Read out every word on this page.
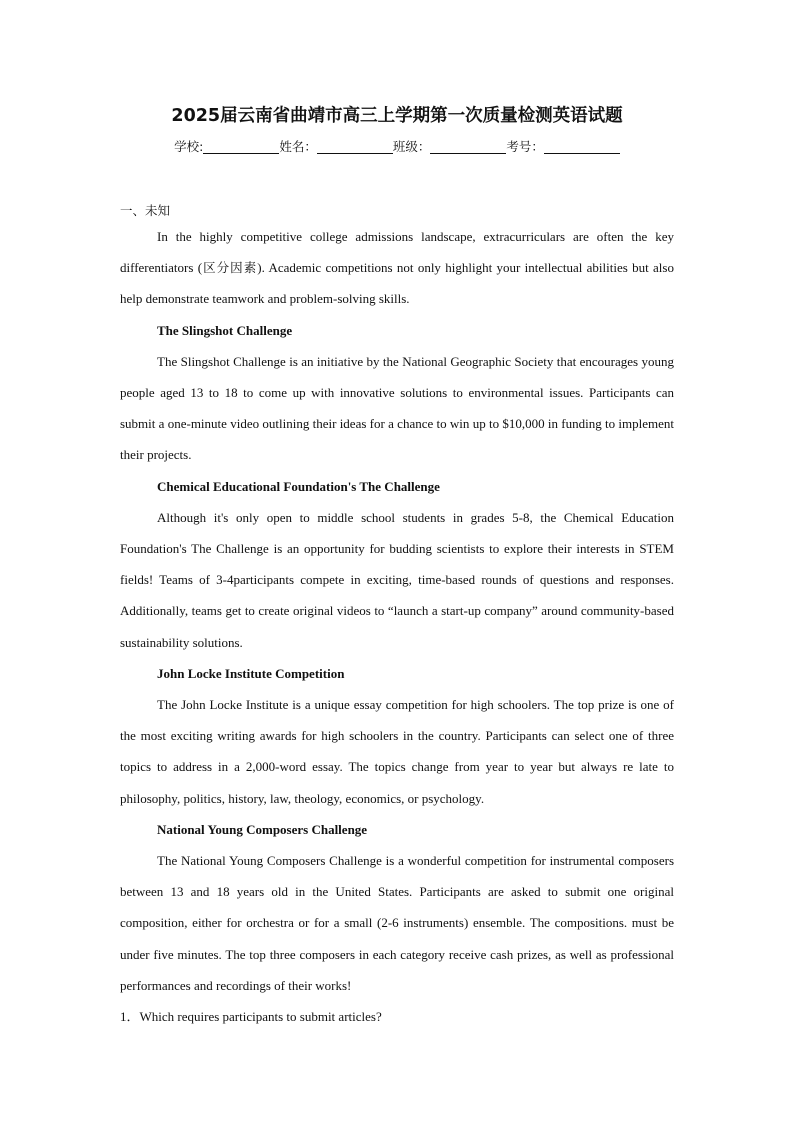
2025届云南省曲靖市高三上学期第一次质量检测英语试题
学校:	姓名：	班级：	考号：
一、未知

In the highly competitive college admissions landscape, extracurriculars are often the key differentiators (区分因素). Academic competitions not only highlight your intellectual abilities but also help demonstrate teamwork and problem-solving skills.

The Slingshot Challenge

The Slingshot Challenge is an initiative by the National Geographic Society that encourages young people aged 13 to 18 to come up with innovative solutions to environmental issues. Participants can submit a one-minute video outlining their ideas for a chance to win up to $10,000 in funding to implement their projects.

Chemical Educational Foundation's The Challenge

Although it's only open to middle school students in grades 5-8, the Chemical Education Foundation's The Challenge is an opportunity for budding scientists to explore their interests in STEM fields! Teams of 3-4participants compete in exciting, time-based rounds of questions and responses. Additionally, teams get to create original videos to “launch a start-up company” around community-based sustainability solutions.

John Locke Institute Competition

The John Locke Institute is a unique essay competition for high schoolers. The top prize is one of the most exciting writing awards for high schoolers in the country. Participants can select one of three topics to address in a 2,000-word essay. The topics change from year to year but always re late to philosophy, politics, history, law, theology, economics, or psychology.

National Young Composers Challenge

The National Young Composers Challenge is a wonderful competition for instrumental composers between 13 and 18 years old in the United States. Participants are asked to submit one original composition, either for orchestra or for a small (2-6 instruments) ensemble. The compositions. must be under five minutes. The top three composers in each category receive cash prizes, as well as professional performances and recordings of their works!

1．Which requires participants to submit articles?
